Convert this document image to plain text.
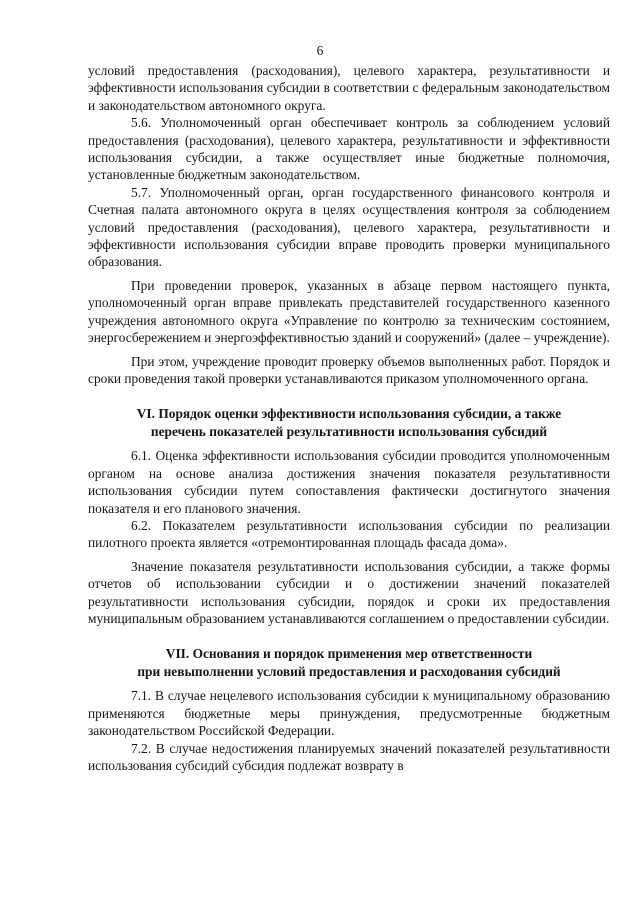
6

условий предоставления (расходования), целевого характера, результативности и эффективности использования субсидии в соответствии с федеральным законодательством и законодательством автономного округа.

5.6. Уполномоченный орган обеспечивает контроль за соблюдением условий предоставления (расходования), целевого характера, результативности и эффективности использования субсидии, а также осуществляет иные бюджетные полномочия, установленные бюджетным законодательством.

5.7. Уполномоченный орган, орган государственного финансового контроля и Счетная палата автономного округа в целях осуществления контроля за соблюдением условий предоставления (расходования), целевого характера, результативности и эффективности использования субсидии вправе проводить проверки муниципального образования.

При проведении проверок, указанных в абзаце первом настоящего пункта, уполномоченный орган вправе привлекать представителей государственного казенного учреждения автономного округа «Управление по контролю за техническим состоянием, энергосбережением и энергоэффективностью зданий и сооружений» (далее – учреждение).

При этом, учреждение проводит проверку объемов выполненных работ. Порядок и сроки проведения такой проверки устанавливаются приказом уполномоченного органа.

VI. Порядок оценки эффективности использования субсидии, а также
перечень показателей результативности использования субсидий

6.1. Оценка эффективности использования субсидии проводится уполномоченным органом на основе анализа достижения значения показателя результативности использования субсидии путем сопоставления фактически достигнутого значения показателя и его планового значения.

6.2. Показателем результативности использования субсидии по реализации пилотного проекта является «отремонтированная площадь фасада дома».

Значение показателя результативности использования субсидии, а также формы отчетов об использовании субсидии и о достижении значений показателей результативности использования субсидии, порядок и сроки их предоставления муниципальным образованием устанавливаются соглашением о предоставлении субсидии.

VII. Основания и порядок применения мер ответственности
при невыполнении условий предоставления и расходования субсидий

7.1. В случае нецелевого использования субсидии к муниципальному образованию применяются бюджетные меры принуждения, предусмотренные бюджетным законодательством Российской Федерации.

7.2. В случае недостижения планируемых значений показателей результативности использования субсидий субсидия подлежат возврату в
